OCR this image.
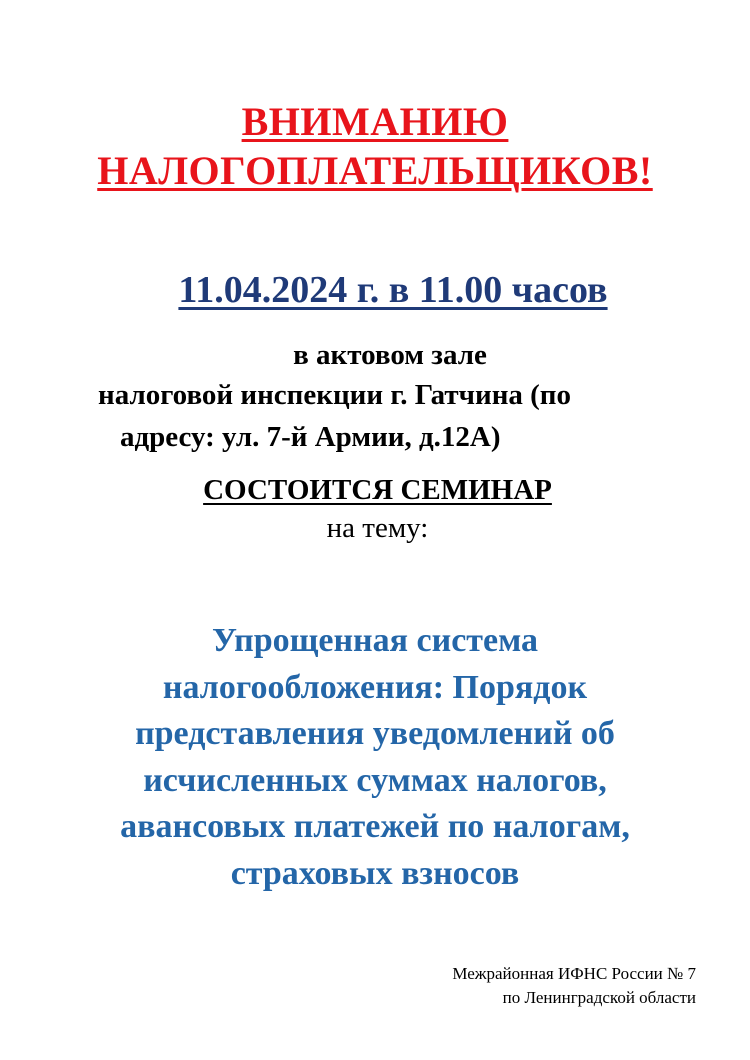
ВНИМАНИЮ
НАЛОГОПЛАТЕЛЬЩИКОВ!
11.04.2024 г. в 11.00 часов
в актовом зале
налоговой инспекции г. Гатчина (по
адресу: ул. 7-й Армии, д.12А)
СОСТОИТСЯ СЕМИНАР
на тему:
Упрощенная система
налогообложения: Порядок
представления уведомлений об
исчисленных суммах налогов,
авансовых платежей по налогам,
страховых взносов
Межрайонная ИФНС России № 7
по Ленинградской области
